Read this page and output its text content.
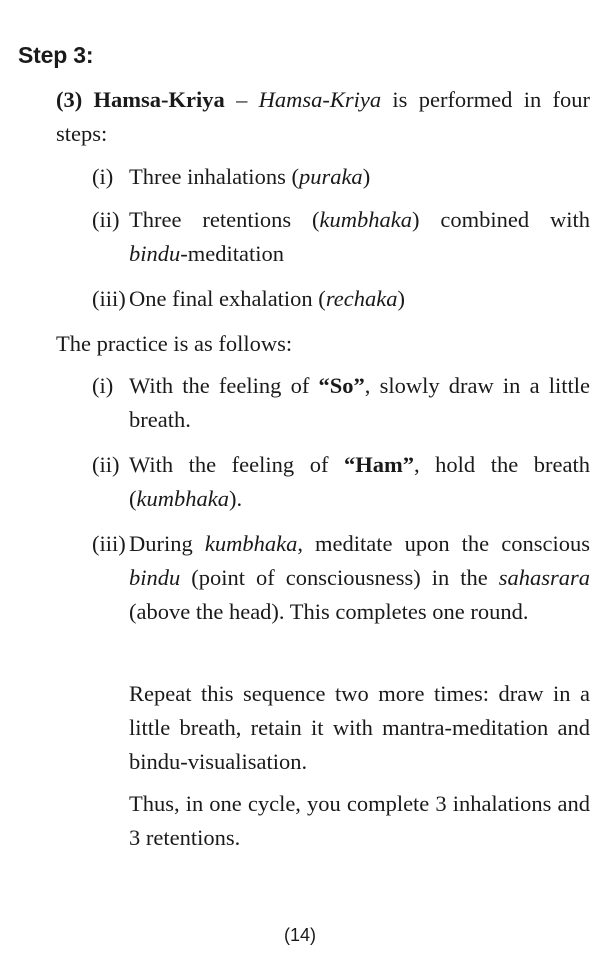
Step 3:
(3) Hamsa-Kriya – Hamsa-Kriya is performed in four steps:
(i) Three inhalations (puraka)
(ii) Three retentions (kumbhaka) combined with bindu-meditation
(iii) One final exhalation (rechaka)
The practice is as follows:
(i) With the feeling of “So”, slowly draw in a little breath.
(ii) With the feeling of “Ham”, hold the breath (kumbhaka).
(iii) During kumbhaka, meditate upon the conscious bindu (point of consciousness) in the sahasrara (above the head). This completes one round.
Repeat this sequence two more times: draw in a little breath, retain it with mantra-meditation and bindu-visualisation.
Thus, in one cycle, you complete 3 inhalations and 3 retentions.
(14)
